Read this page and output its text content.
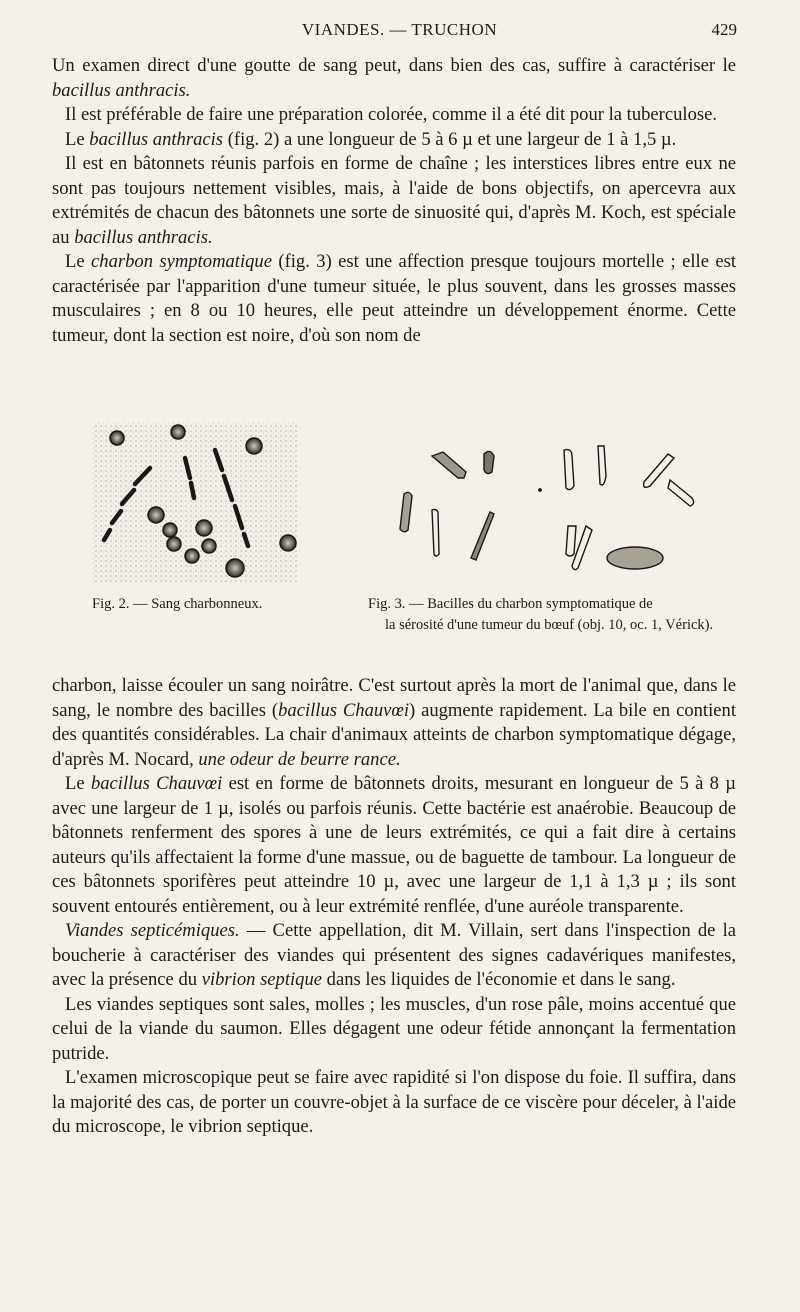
VIANDES. — TRUCHON	429

Un examen direct d'une goutte de sang peut, dans bien des cas, suffire à caractériser le bacillus anthracis.

Il est préférable de faire une préparation colorée, comme il a été dit pour la tuberculose.

Le bacillus anthracis (fig. 2) a une longueur de 5 à 6 µ et une largeur de 1 à 1,5 µ.

Il est en bâtonnets réunis parfois en forme de chaîne ; les interstices libres entre eux ne sont pas toujours nettement visibles, mais, à l'aide de bons objectifs, on apercevra aux extrémités de chacun des bâtonnets une sorte de sinuosité qui, d'après M. Koch, est spéciale au bacillus anthracis.

Le charbon symptomatique (fig. 3) est une affection presque toujours mortelle ; elle est caractérisée par l'apparition d'une tumeur située, le plus souvent, dans les grosses masses musculaires ; en 8 ou 10 heures, elle peut atteindre un développement énorme. Cette tumeur, dont la section est noire, d'où son nom de

Fig. 2. — Sang charbonneux.	Fig. 3. — Bacilles du charbon symptomatique de
la sérosité d'une tumeur du bœuf (obj. 10, oc. 1, Vérick).

charbon, laisse écouler un sang noirâtre. C'est surtout après la mort de l'animal que, dans le sang, le nombre des bacilles (bacillus Chauvœi) augmente rapidement. La bile en contient des quantités considérables. La chair d'animaux atteints de charbon symptomatique dégage, d'après M. Nocard, une odeur de beurre rance.

Le bacillus Chauvœi est en forme de bâtonnets droits, mesurant en longueur de 5 à 8 µ avec une largeur de 1 µ, isolés ou parfois réunis. Cette bactérie est anaérobie. Beaucoup de bâtonnets renferment des spores à une de leurs extrémités, ce qui a fait dire à certains auteurs qu'ils affectaient la forme d'une massue, ou de baguette de tambour. La longueur de ces bâtonnets sporifères peut atteindre 10 µ, avec une largeur de 1,1 à 1,3 µ ; ils sont souvent entourés entièrement, ou à leur extrémité renflée, d'une auréole transparente.

Viandes septicémiques. — Cette appellation, dit M. Villain, sert dans l'inspection de la boucherie à caractériser des viandes qui présentent des signes cadavériques manifestes, avec la présence du vibrion septique dans les liquides de l'économie et dans le sang.

Les viandes septiques sont sales, molles ; les muscles, d'un rose pâle, moins accentué que celui de la viande du saumon. Elles dégagent une odeur fétide annonçant la fermentation putride.

L'examen microscopique peut se faire avec rapidité si l'on dispose du foie. Il suffira, dans la majorité des cas, de porter un couvre-objet à la surface de ce viscère pour déceler, à l'aide du microscope, le vibrion septique.
